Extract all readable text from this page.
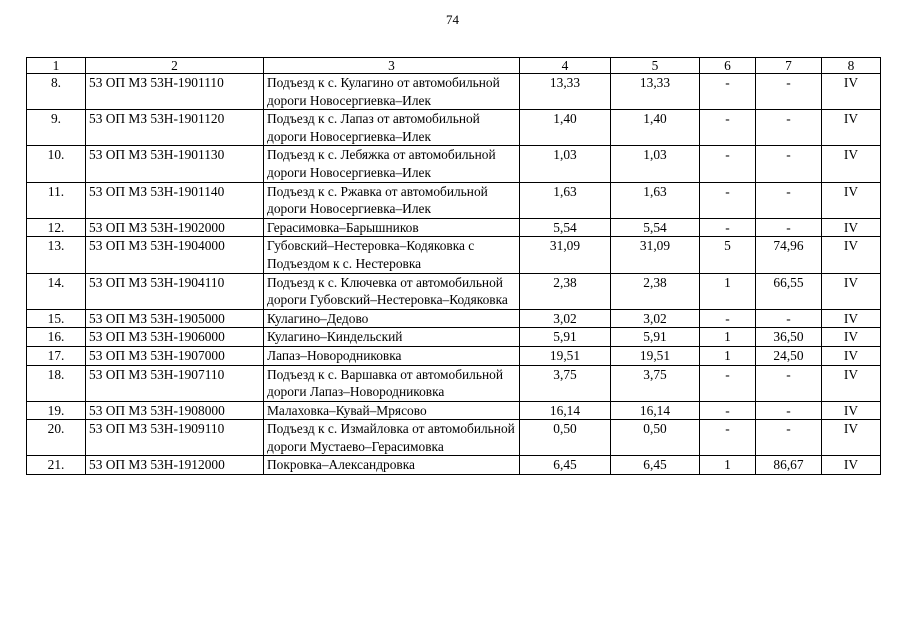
74
1	2	3	4	5	6	7	8
8.	53 ОП МЗ 53Н-1901110	Подъезд к с. Кулагино от автомобильной дороги Новосергиевка–Илек	13,33	13,33	-	-	IV
9.	53 ОП МЗ 53Н-1901120	Подъезд к с. Лапаз от автомобильной дороги Новосергиевка–Илек	1,40	1,40	-	-	IV
10.	53 ОП МЗ 53Н-1901130	Подъезд к с. Лебяжка от автомобильной дороги Новосергиевка–Илек	1,03	1,03	-	-	IV
11.	53 ОП МЗ 53Н-1901140	Подъезд к с. Ржавка от автомобильной дороги Новосергиевка–Илек	1,63	1,63	-	-	IV
12.	53 ОП МЗ 53Н-1902000	Герасимовка–Барышников	5,54	5,54	-	-	IV
13.	53 ОП МЗ 53Н-1904000	Губовский–Нестеровка–Кодяковка с Подъездом к с. Нестеровка	31,09	31,09	5	74,96	IV
14.	53 ОП МЗ 53Н-1904110	Подъезд к с. Ключевка от автомобильной дороги Губовский–Нестеровка–Кодяковка	2,38	2,38	1	66,55	IV
15.	53 ОП МЗ 53Н-1905000	Кулагино–Дедово	3,02	3,02	-	-	IV
16.	53 ОП МЗ 53Н-1906000	Кулагино–Киндельский	5,91	5,91	1	36,50	IV
17.	53 ОП МЗ 53Н-1907000	Лапаз–Новородниковка	19,51	19,51	1	24,50	IV
18.	53 ОП МЗ 53Н-1907110	Подъезд к с. Варшавка от автомобильной дороги Лапаз–Новородниковка	3,75	3,75	-	-	IV
19.	53 ОП МЗ 53Н-1908000	Малаховка–Кувай–Мрясово	16,14	16,14	-	-	IV
20.	53 ОП МЗ 53Н-1909110	Подъезд к с. Измайловка от автомобильной дороги Мустаево–Герасимовка	0,50	0,50	-	-	IV
21.	53 ОП МЗ 53Н-1912000	Покровка–Александровка	6,45	6,45	1	86,67	IV
